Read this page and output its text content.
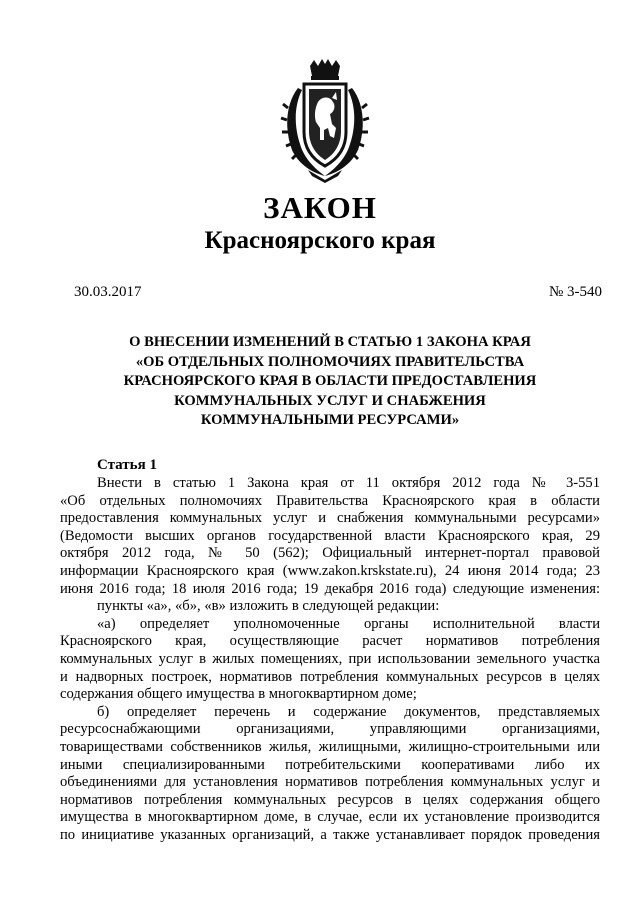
ЗАКОН
Красноярского края
30.03.2017	№ 3-540
О ВНЕСЕНИИ ИЗМЕНЕНИЙ В СТАТЬЮ 1 ЗАКОНА КРАЯ
«ОБ ОТДЕЛЬНЫХ ПОЛНОМОЧИЯХ ПРАВИТЕЛЬСТВА
КРАСНОЯРСКОГО КРАЯ В ОБЛАСТИ ПРЕДОСТАВЛЕНИЯ
КОММУНАЛЬНЫХ УСЛУГ И СНАБЖЕНИЯ
КОММУНАЛЬНЫМИ РЕСУРСАМИ»
Статья 1
Внести в статью 1 Закона края от 11 октября 2012 года № 3-551
«Об отдельных полномочиях Правительства Красноярского края в области
предоставления коммунальных услуг и снабжения коммунальными ресурсами»
(Ведомости высших органов государственной власти Красноярского края, 29
октября 2012 года, № 50 (562); Официальный интернет-портал правовой
информации Красноярского края (www.zakon.krskstate.ru), 24 июня 2014 года; 23
июня 2016 года; 18 июля 2016 года; 19 декабря 2016 года) следующие изменения:
пункты «а», «б», «в» изложить в следующей редакции:
«а) определяет уполномоченные органы исполнительной власти
Красноярского края, осуществляющие расчет нормативов потребления
коммунальных услуг в жилых помещениях, при использовании земельного участка
и надворных построек, нормативов потребления коммунальных ресурсов в целях
содержания общего имущества в многоквартирном доме;
б) определяет перечень и содержание документов, представляемых
ресурсоснабжающими организациями, управляющими организациями,
товариществами собственников жилья, жилищными, жилищно-строительными или
иными специализированными потребительскими кооперативами либо их
объединениями для установления нормативов потребления коммунальных услуг и
нормативов потребления коммунальных ресурсов в целях содержания общего
имущества в многоквартирном доме, в случае, если их установление производится
по инициативе указанных организаций, а также устанавливает порядок проведения
